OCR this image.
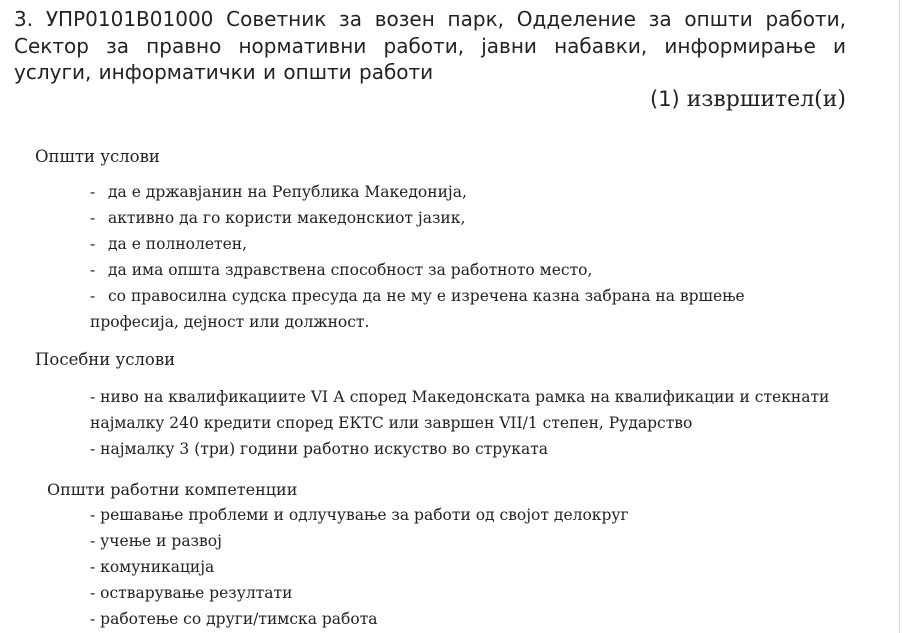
3. УПР0101B01000 Советник за возен парк, Одделение за општи работи, Сектор за правно нормативни работи, јавни набавки, информирање и услуги, информатички и општи работи
(1) извршител(и)
Општи услови
- да е државјанин на Република Македонија,
- активно да го користи македонскиот јазик,
- да е полнолетен,
- да има општа здравствена способност за работното место,
- со правосилна судска пресуда да не му е изречена казна забрана на вршење професија, дејност или должност.
Посебни услови
- ниво на квалификациите VI А според Македонската рамка на квалификации и стекнати најмалку 240 кредити според ЕКТС или завршен VII/1 степен, Рударство
- најмалку 3 (три) години работно искуство во струката
Општи работни компетенции
- решавање проблеми и одлучување за работи од својот делокруг
- учење и развој
- комуникација
- остварување резултати
- работење со други/тимска работа
